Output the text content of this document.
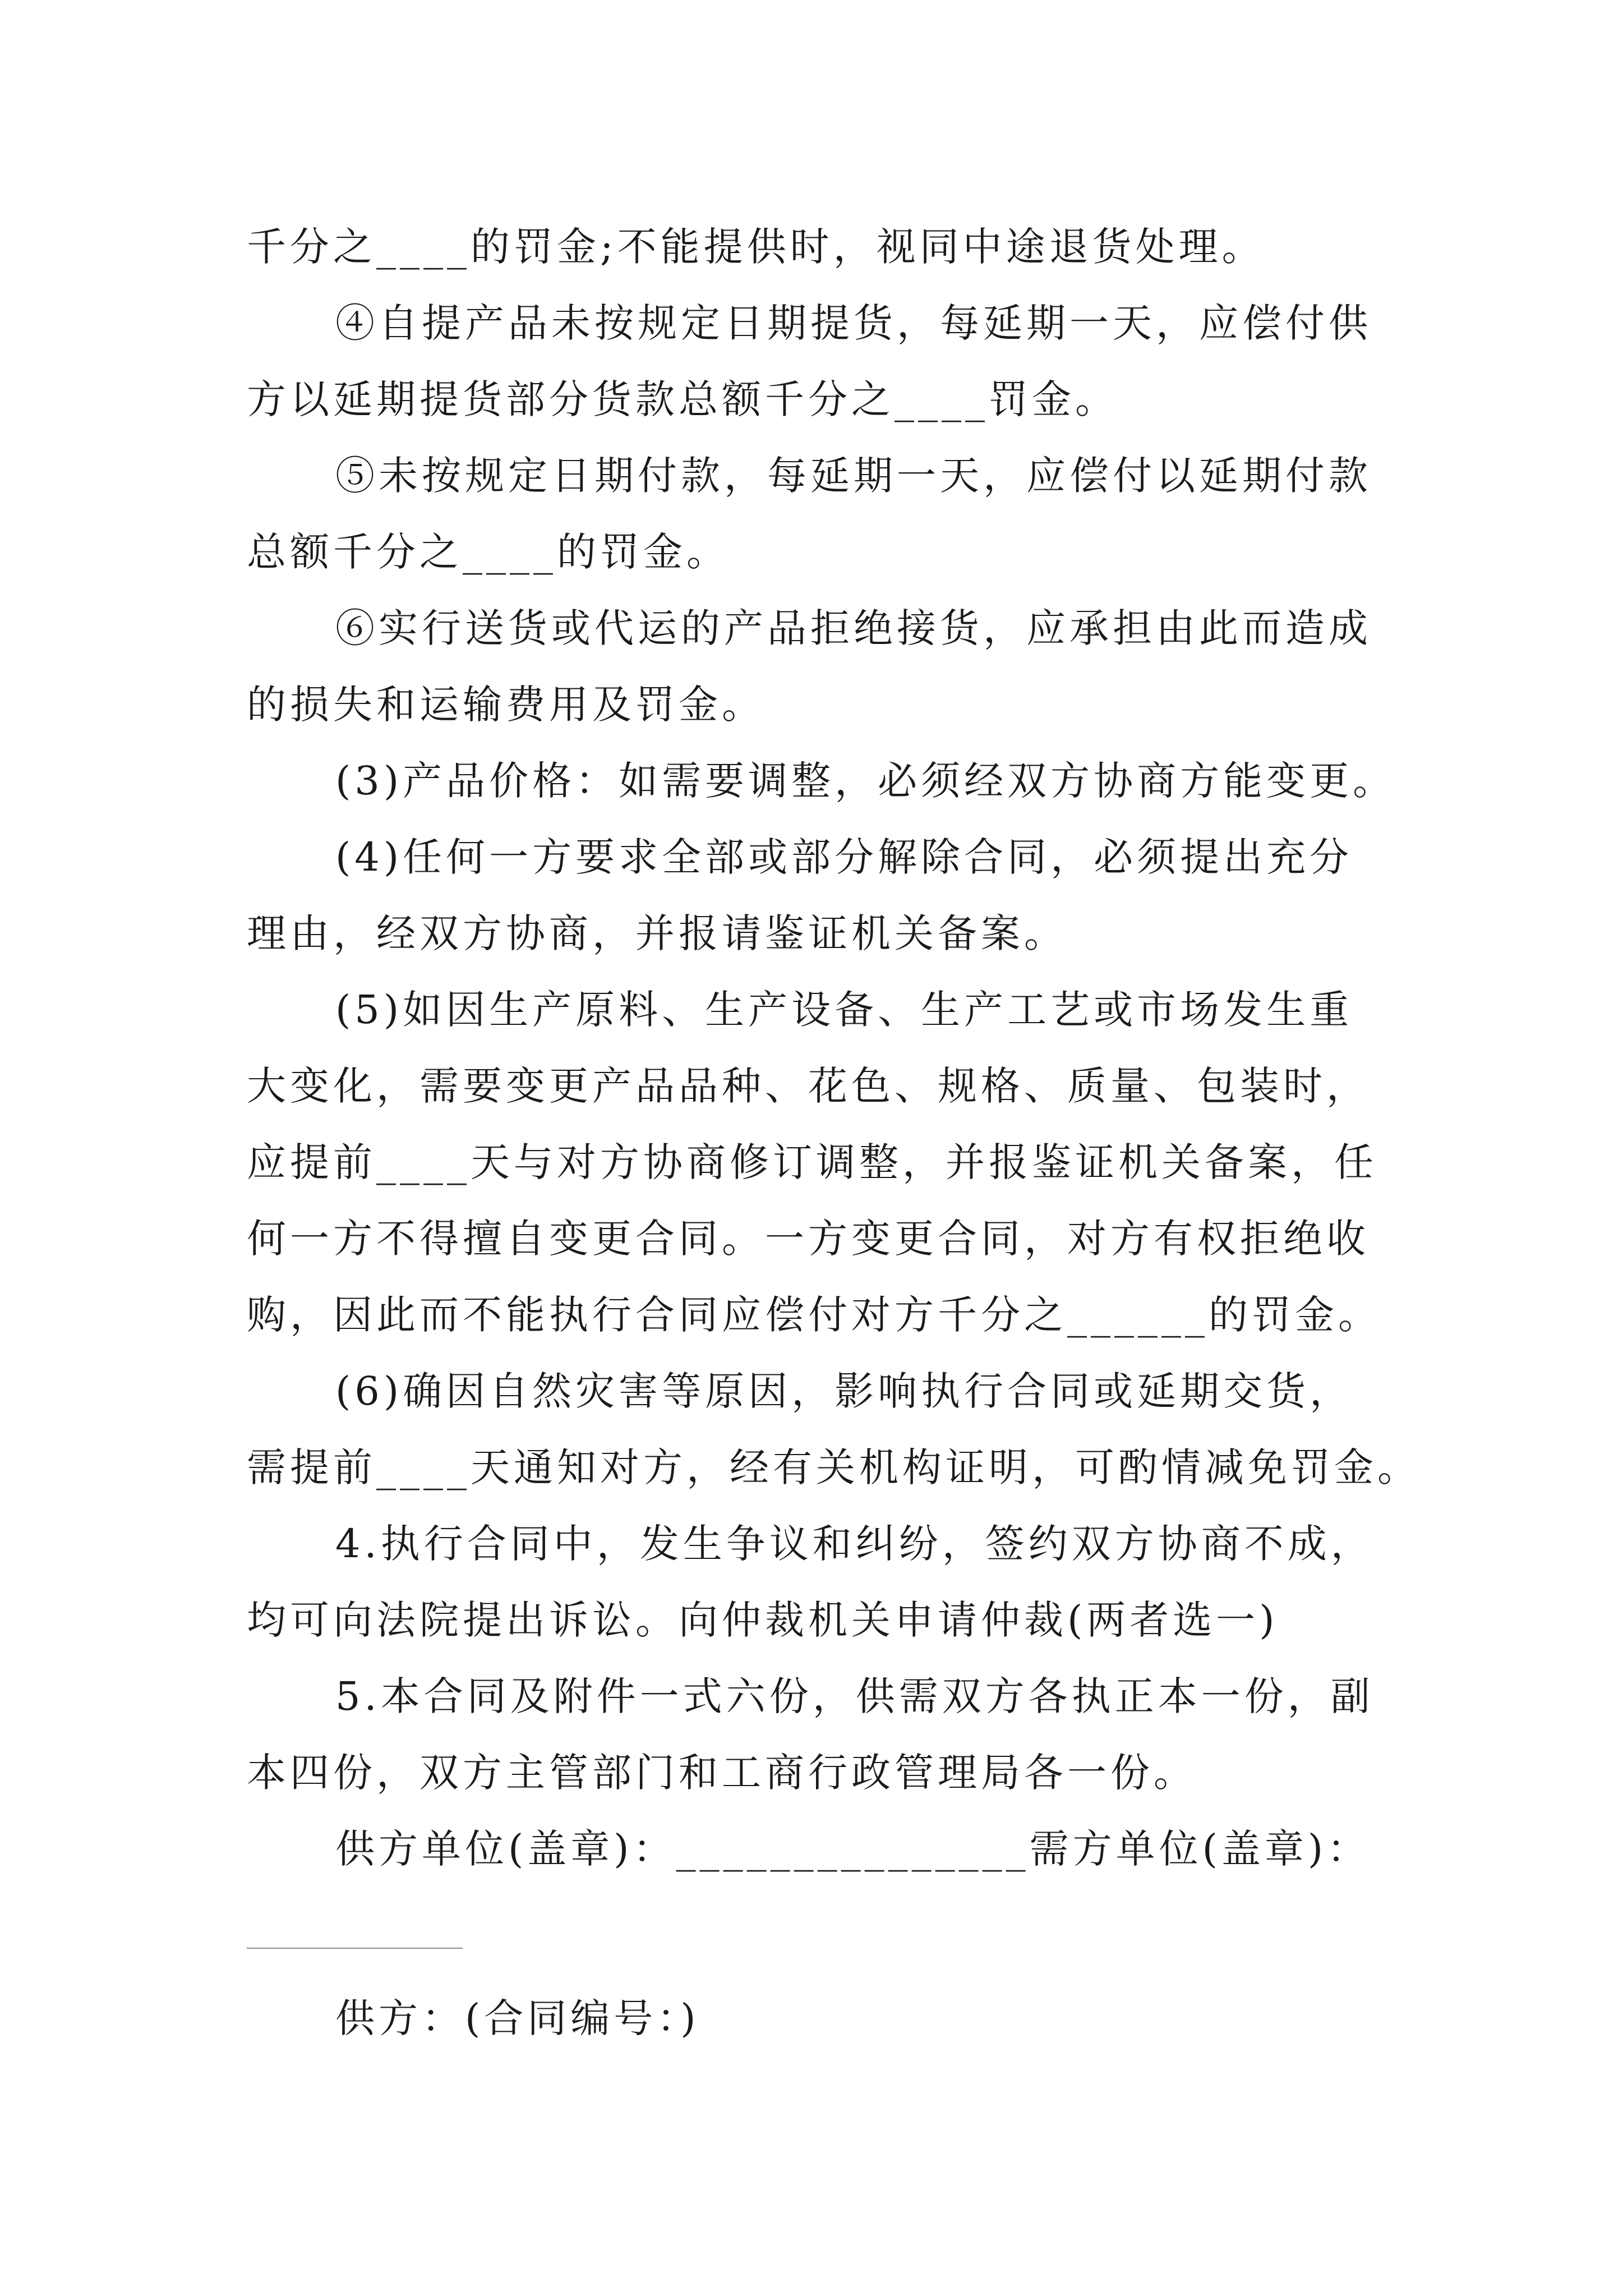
千分之____的罚金;不能提供时，视同中途退货处理。
④自提产品未按规定日期提货，每延期一天，应偿付供
方以延期提货部分货款总额千分之____罚金。
⑤未按规定日期付款，每延期一天，应偿付以延期付款
总额千分之____的罚金。
⑥实行送货或代运的产品拒绝接货，应承担由此而造成
的损失和运输费用及罚金。
(3)产品价格：如需要调整，必须经双方协商方能变更。
(4)任何一方要求全部或部分解除合同，必须提出充分
理由，经双方协商，并报请鉴证机关备案。
(5)如因生产原料、生产设备、生产工艺或市场发生重
大变化，需要变更产品品种、花色、规格、质量、包装时，
应提前____天与对方协商修订调整，并报鉴证机关备案，任
何一方不得擅自变更合同。一方变更合同，对方有权拒绝收
购，因此而不能执行合同应偿付对方千分之______的罚金。
(6)确因自然灾害等原因，影响执行合同或延期交货，
需提前____天通知对方，经有关机构证明，可酌情减免罚金。
4.执行合同中，发生争议和纠纷，签约双方协商不成，
均可向法院提出诉讼。向仲裁机关申请仲裁(两者选一)
5.本合同及附件一式六份，供需双方各执正本一份，副
本四份，双方主管部门和工商行政管理局各一份。
供方单位(盖章)：_______________需方单位(盖章)：
供方：(合同编号：)
